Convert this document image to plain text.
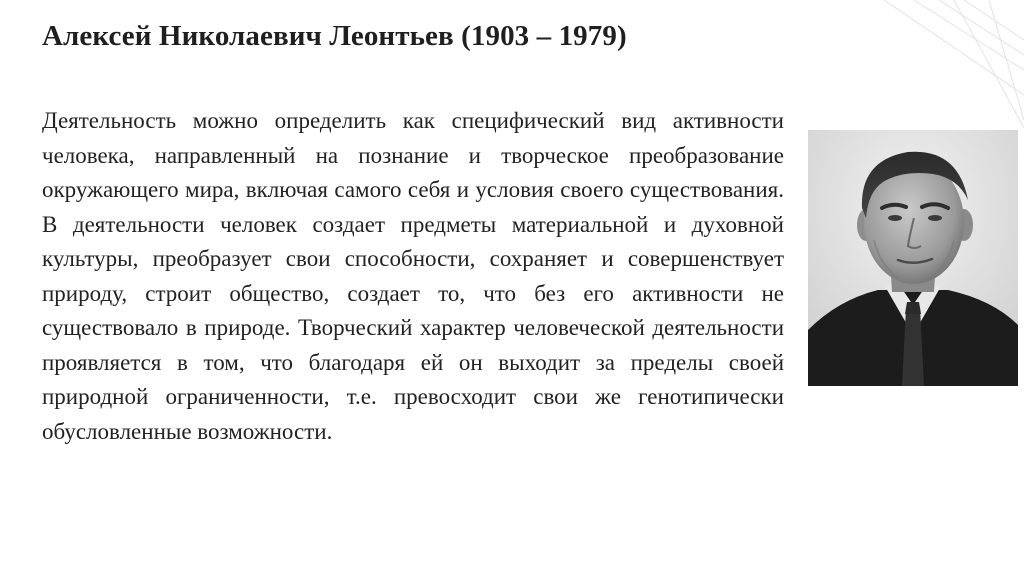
Алексей Николаевич Леонтьев (1903 – 1979)
Деятельность можно определить как специфический вид активности человека, направленный на познание и творческое преобразование окружающего мира, включая самого себя и условия своего существования. В деятельности человек создает предметы материальной и духовной культуры, преобразует свои способности, сохраняет и совершенствует природу, строит общество, создает то, что без его активности не существовало в природе. Творческий характер человеческой деятельности проявляется в том, что благодаря ей он выходит за пределы своей природной ограниченности, т.е. превосходит свои же генотипически обусловленные возможности.
